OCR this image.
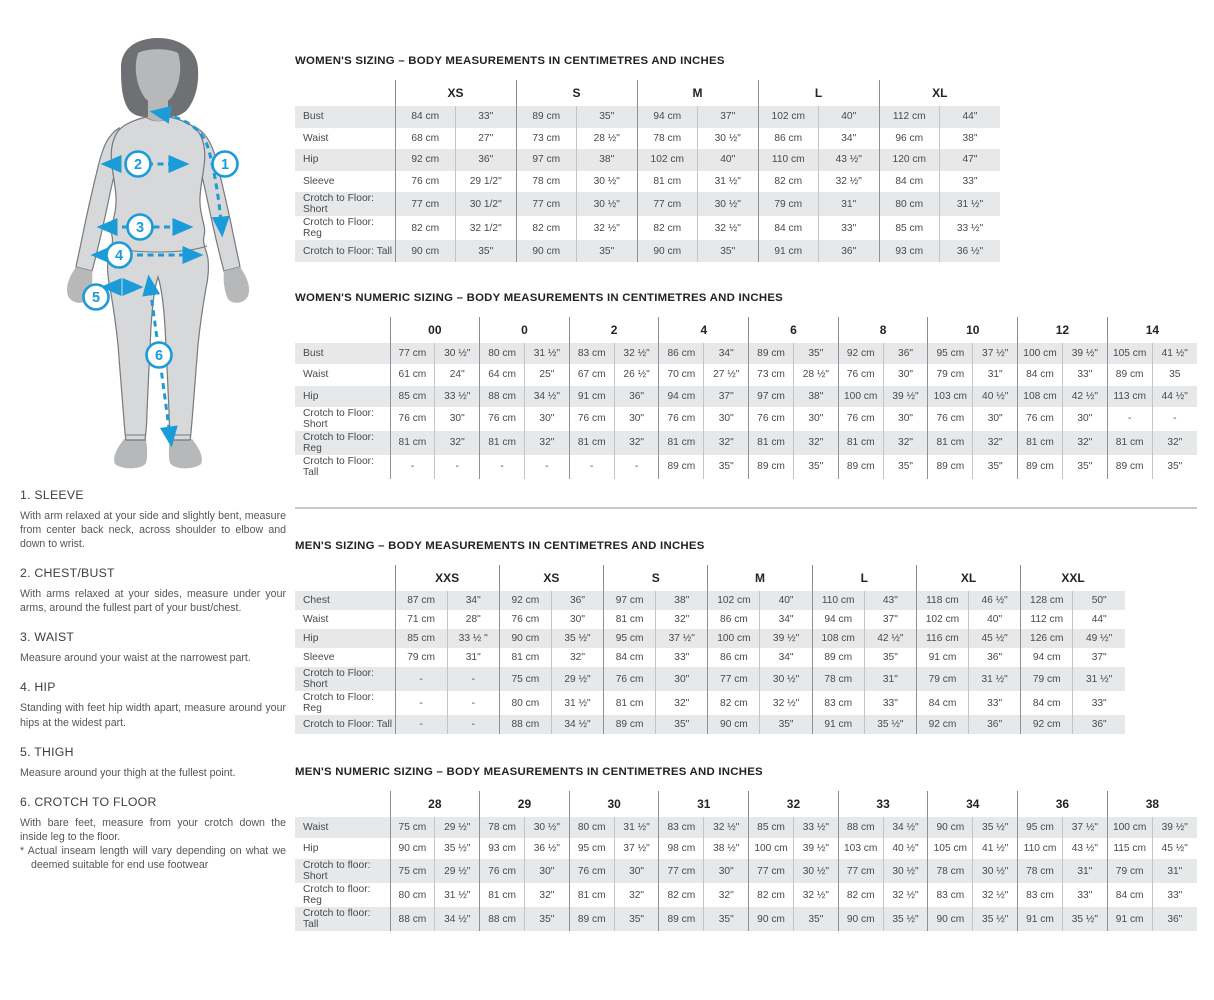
1
2
3
4
5
6
1. SLEEVE

With arm relaxed at your side and slightly bent, measure from center back neck, across shoulder to elbow and down to wrist.

2. CHEST/BUST

With arms relaxed at your sides, measure under your arms, around the fullest part of your bust/chest.

3. WAIST

Measure around your waist at the narrowest part.

4. HIP

Standing with feet hip width apart, measure around your hips at the widest part.

5. THIGH

Measure around your thigh at the fullest point.

6. CROTCH TO FLOOR

With bare feet, measure from your crotch down the inside leg to the floor.

* Actual inseam length will vary depending on what we deemed suitable for end use footwear

WOMEN'S SIZING – BODY MEASUREMENTS IN CENTIMETRES AND INCHES
	XS		S		M		L		XL	
Bust	84 cm	33"	89 cm	35"	94 cm	37"	102 cm	40"	112 cm	44"
Waist	68 cm	27"	73 cm	28 ½"	78 cm	30 ½"	86 cm	34"	96 cm	38"
Hip	92 cm	36"	97 cm	38"	102 cm	40"	110 cm	43 ½"	120 cm	47"
Sleeve	76 cm	29 1/2"	78 cm	30 ½"	81 cm	31 ½"	82 cm	32 ½"	84 cm	33"
Crotch to Floor: Short	77 cm	30 1/2"	77 cm	30 ½"	77 cm	30 ½"	79 cm	31"	80 cm	31 ½"
Crotch to Floor: Reg	82 cm	32 1/2"	82 cm	32 ½"	82 cm	32 ½"	84 cm	33"	85 cm	33 ½"
Crotch to Floor: Tall	90 cm	35"	90 cm	35"	90 cm	35"	91 cm	36"	93 cm	36 ½"
WOMEN'S NUMERIC SIZING – BODY MEASUREMENTS IN CENTIMETRES AND INCHES
	00		0		2		4		6		8		10		12		14	
Bust	77 cm	30 ½"	80 cm	31 ½"	83 cm	32 ½"	86 cm	34"	89 cm	35"	92 cm	36"	95 cm	37 ½"	100 cm	39 ½"	105 cm	41 ½"
Waist	61 cm	24"	64 cm	25"	67 cm	26 ½"	70 cm	27 ½"	73 cm	28 ½"	76 cm	30"	79 cm	31"	84 cm	33"	89 cm	35
Hip	85 cm	33 ½"	88 cm	34 ½"	91 cm	36"	94 cm	37"	97 cm	38"	100 cm	39 ½"	103 cm	40 ½"	108 cm	42 ½"	113 cm	44 ½"
Crotch to Floor: Short	76 cm	30"	76 cm	30"	76 cm	30"	76 cm	30"	76 cm	30"	76 cm	30"	76 cm	30"	76 cm	30"	-	-
Crotch to Floor: Reg	81 cm	32"	81 cm	32"	81 cm	32"	81 cm	32"	81 cm	32"	81 cm	32"	81 cm	32"	81 cm	32"	81 cm	32"
Crotch to Floor: Tall	-	-	-	-	-	-	89 cm	35"	89 cm	35"	89 cm	35"	89 cm	35"	89 cm	35"	89 cm	35"
MEN'S SIZING – BODY MEASUREMENTS IN CENTIMETRES AND INCHES
	XXS		XS		S		M		L		XL		XXL	
Chest	87 cm	34"	92 cm	36"	97 cm	38"	102 cm	40"	110 cm	43"	118 cm	46 ½"	128 cm	50"
Waist	71 cm	28"	76 cm	30"	81 cm	32"	86 cm	34"	94 cm	37"	102 cm	40"	112 cm	44"
Hip	85 cm	33 ½ "	90 cm	35 ½"	95 cm	37 ½"	100 cm	39 ½"	108 cm	42 ½"	116 cm	45 ½"	126 cm	49 ½"
Sleeve	79 cm	31"	81 cm	32"	84 cm	33"	86 cm	34"	89 cm	35"	91 cm	36"	94 cm	37"
Crotch to Floor: Short	-	-	75 cm	29 ½"	76 cm	30"	77 cm	30 ½"	78 cm	31"	79 cm	31 ½"	79 cm	31 ½"
Crotch to Floor: Reg	-	-	80 cm	31 ½"	81 cm	32"	82 cm	32 ½"	83 cm	33"	84 cm	33"	84 cm	33"
Crotch to Floor: Tall	-	-	88 cm	34 ½"	89 cm	35"	90 cm	35"	91 cm	35 ½"	92 cm	36"	92 cm	36"
MEN'S NUMERIC SIZING – BODY MEASUREMENTS IN CENTIMETRES AND INCHES
	28		29		30		31		32		33		34		36		38	
Waist	75 cm	29 ½"	78 cm	30 ½"	80 cm	31 ½"	83 cm	32 ½"	85 cm	33 ½"	88 cm	34 ½"	90 cm	35 ½"	95 cm	37 ½"	100 cm	39 ½"
Hip	90 cm	35 ½"	93 cm	36 ½"	95 cm	37 ½"	98 cm	38 ½"	100 cm	39 ½"	103 cm	40 ½"	105 cm	41 ½"	110 cm	43 ½"	115 cm	45 ½"
Crotch to floor: Short	75 cm	29 ½"	76 cm	30"	76 cm	30"	77 cm	30"	77 cm	30 ½"	77 cm	30 ½"	78 cm	30 ½"	78 cm	31"	79 cm	31"
Crotch to floor: Reg	80 cm	31 ½"	81 cm	32"	81 cm	32"	82 cm	32"	82 cm	32 ½"	82 cm	32 ½"	83 cm	32 ½"	83 cm	33"	84 cm	33"
Crotch to floor: Tall	88 cm	34 ½"	88 cm	35"	89 cm	35"	89 cm	35"	90 cm	35"	90 cm	35 ½"	90 cm	35 ½"	91 cm	35 ½"	91 cm	36"
